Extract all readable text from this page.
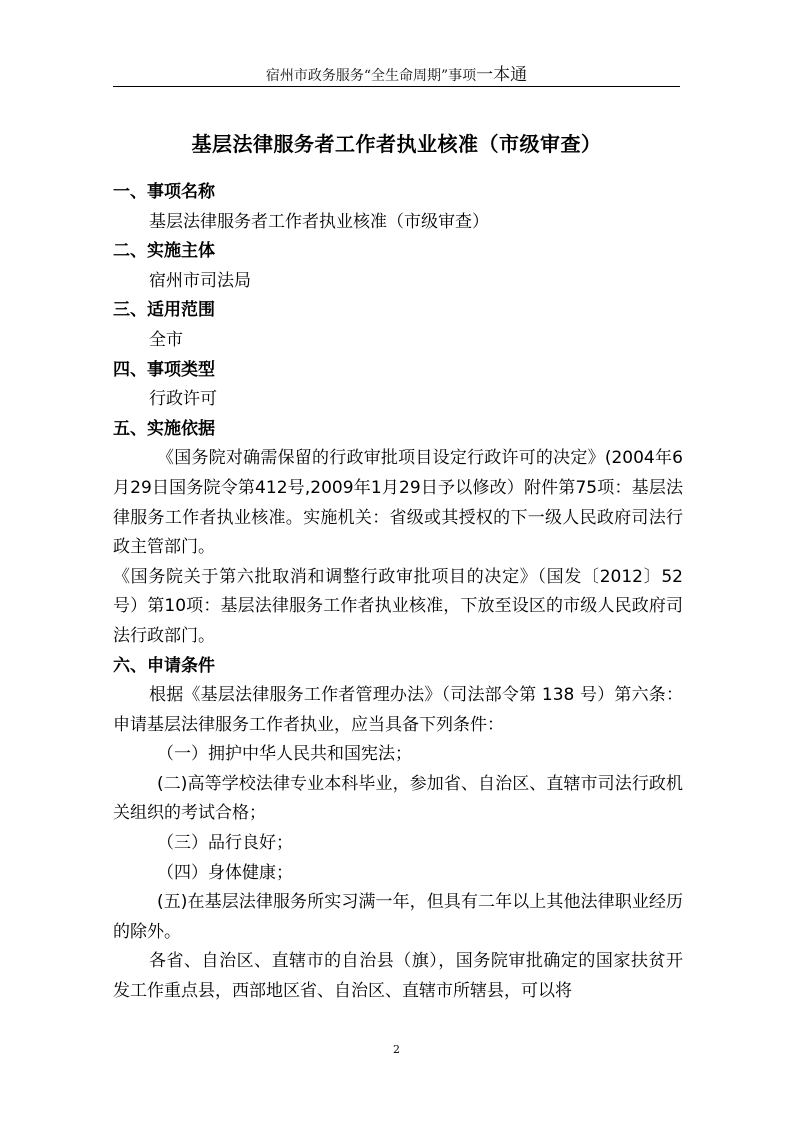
宿州市政务服务“全生命周期”事项一本通
基层法律服务者工作者执业核准（市级审查）

一、事项名称

基层法律服务者工作者执业核准（市级审查）

二、实施主体

宿州市司法局

三、适用范围

全市

四、事项类型

行政许可

五、实施依据

《国务院对确需保留的行政审批项目设定行政许可的决定》(2004年6月29日国务院令第412号,2009年1月29日予以修改）附件第75项：基层法律服务工作者执业核准。实施机关：省级或其授权的下一级人民政府司法行政主管部门。

《国务院关于第六批取消和调整行政审批项目的决定》（国发〔2012〕52号）第10项：基层法律服务工作者执业核准，下放至设区的市级人民政府司法行政部门。

六、申请条件

根据《基层法律服务工作者管理办法》（司法部令第 138 号）第六条：申请基层法律服务工作者执业，应当具备下列条件：

（一）拥护中华人民共和国宪法；

(二)高等学校法律专业本科毕业，参加省、自治区、直辖市司法行政机关组织的考试合格；

（三）品行良好；

（四）身体健康；

(五)在基层法律服务所实习满一年，但具有二年以上其他法律职业经历的除外。

各省、自治区、直辖市的自治县（旗），国务院审批确定的国家扶贫开发工作重点县，西部地区省、自治区、直辖市所辖县，可以将

2
